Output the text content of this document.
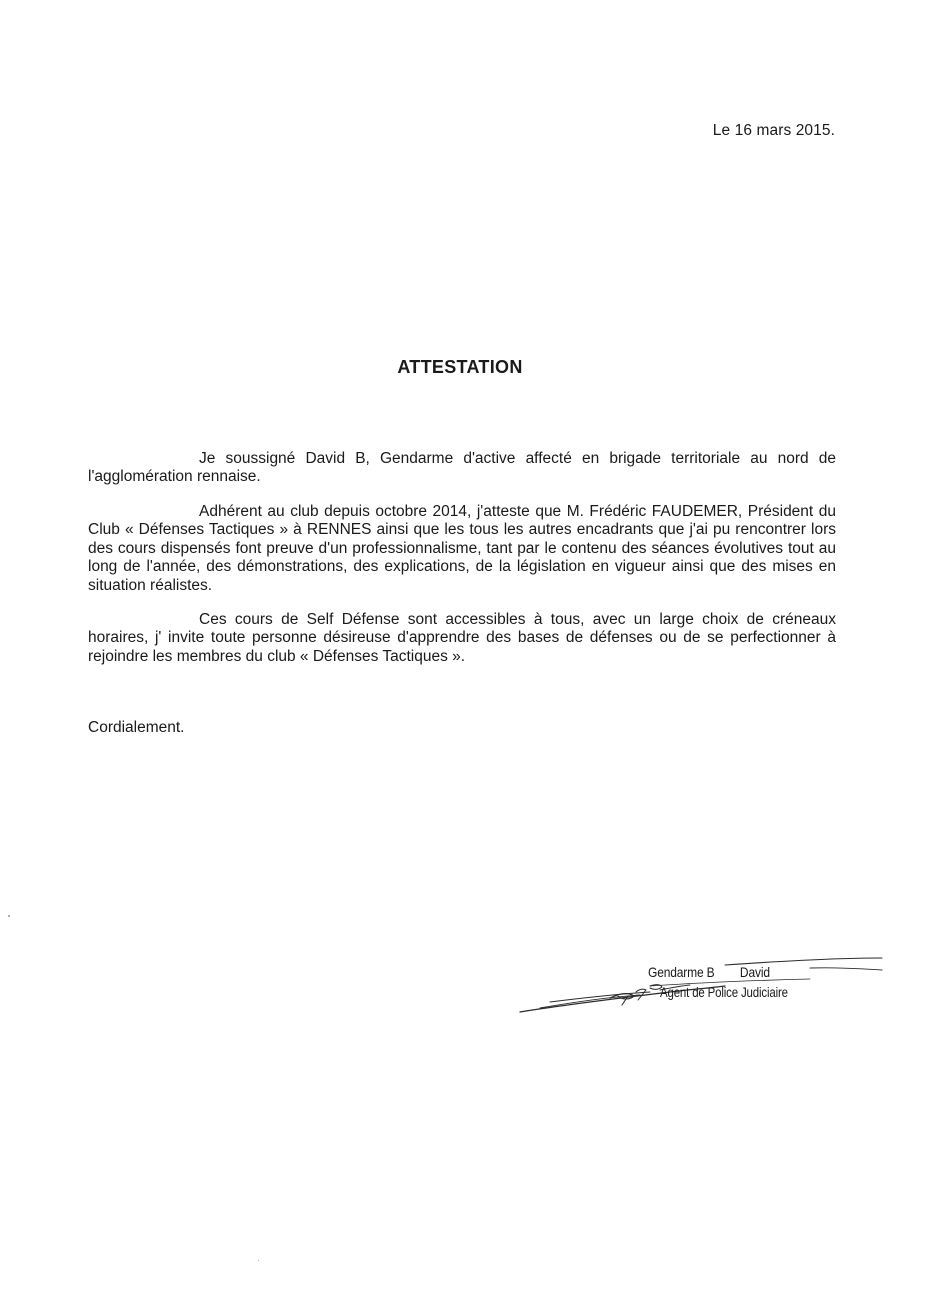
Le 16 mars 2015.
ATTESTATION

Je soussigné David B, Gendarme d'active affecté en brigade territoriale au nord de l'agglomération rennaise.

Adhérent au club depuis octobre 2014, j'atteste que M. Frédéric FAUDEMER, Président du Club « Défenses Tactiques » à RENNES ainsi que les tous les autres encadrants que j'ai pu rencontrer lors des cours dispensés font preuve d'un professionnalisme, tant par le contenu des séances évolutives tout au long de l'année, des démonstrations, des explications, de la législation en vigueur ainsi que des mises en situation réalistes.

Ces cours de Self Défense sont accessibles à tous, avec un large choix de créneaux horaires, j' invite toute personne désireuse d'apprendre des bases de défenses ou de se perfectionner à rejoindre les membres du club « Défenses Tactiques ».

Cordialement.
Gendarme B        David
Agent de Police Judiciaire
